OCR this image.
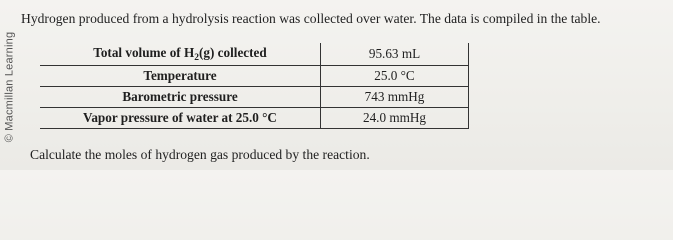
© Macmillan Learning
Hydrogen produced from a hydrolysis reaction was collected over water. The data is compiled in the table.
Total volume of $H_2(g)$ collected	95.63 mL
Temperature	25.0 °C
Barometric pressure	743 mmHg
Vapor pressure of water at 25.0 °C	24.0 mmHg
Calculate the moles of hydrogen gas produced by the reaction.
